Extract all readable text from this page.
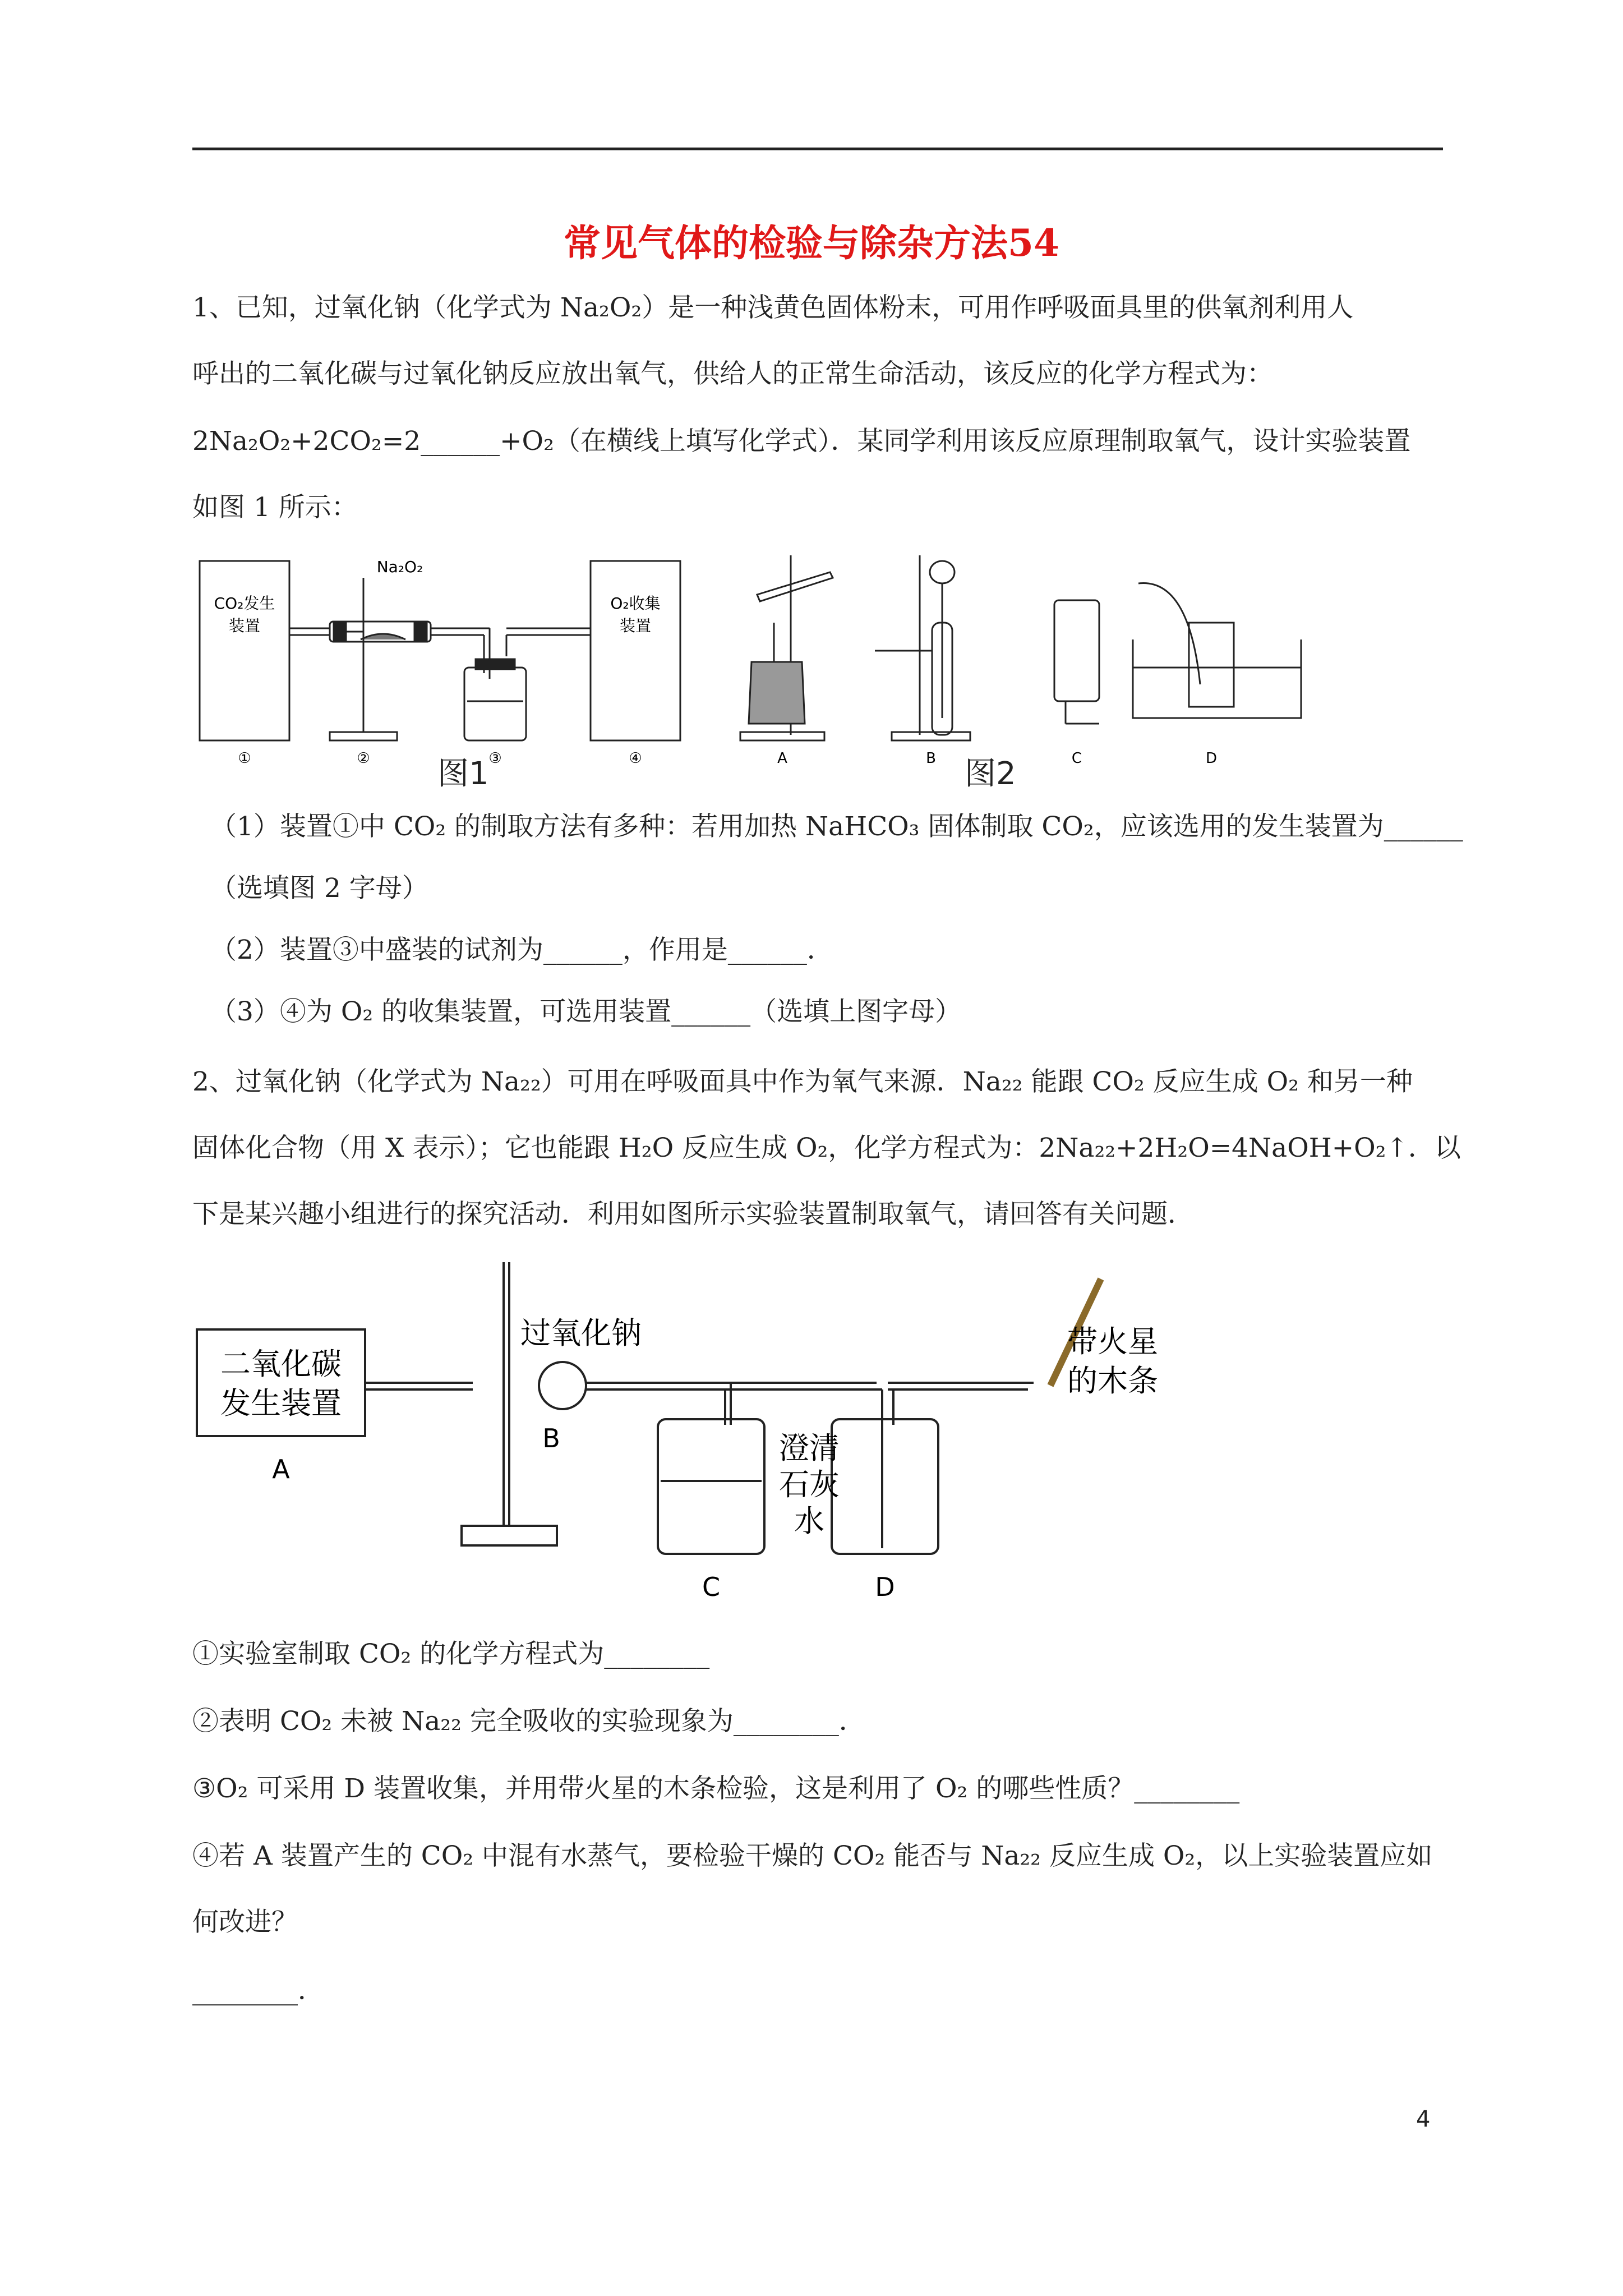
常见气体的检验与除杂方法54
1、已知，过氧化钠（化学式为 Na₂O₂）是一种浅黄色固体粉末，可用作呼吸面具里的供氧剂利用人
呼出的二氧化碳与过氧化钠反应放出氧气，供给人的正常生命活动，该反应的化学方程式为：
2Na₂O₂+2CO₂=2______+O₂（在横线上填写化学式）．某同学利用该反应原理制取氧气，设计实验装置
如图 1 所示：
CO₂发生
装置
O₂收集
装置
Na₂O₂
①	②	③	④
图1	A	B	C	D
图2
（1）装置①中 CO₂ 的制取方法有多种：若用加热 NaHCO₃ 固体制取 CO₂，应该选用的发生装置为______
（选填图 2 字母）
（2）装置③中盛装的试剂为______，作用是______．
（3）④为 O₂ 的收集装置，可选用装置______（选填上图字母）
2、过氧化钠（化学式为 Na₂₂）可用在呼吸面具中作为氧气来源．Na₂₂ 能跟 CO₂ 反应生成 O₂ 和另一种
固体化合物（用 X 表示）；它也能跟 H₂O 反应生成 O₂，化学方程式为：2Na₂₂+2H₂O=4NaOH+O₂↑．以
下是某兴趣小组进行的探究活动．利用如图所示实验装置制取氧气，请回答有关问题．
二氧化碳
发生装置
A
过氧化钠
B	澄清
石灰
水
C	D
带火星
的木条
①实验室制取 CO₂ 的化学方程式为________
②表明 CO₂ 未被 Na₂₂ 完全吸收的实验现象为________．
③O₂ 可采用 D 装置收集，并用带火星的木条检验，这是利用了 O₂ 的哪些性质？________
④若 A 装置产生的 CO₂ 中混有水蒸气，要检验干燥的 CO₂ 能否与 Na₂₂ 反应生成 O₂，以上实验装置应如
何改进？
________．
4
